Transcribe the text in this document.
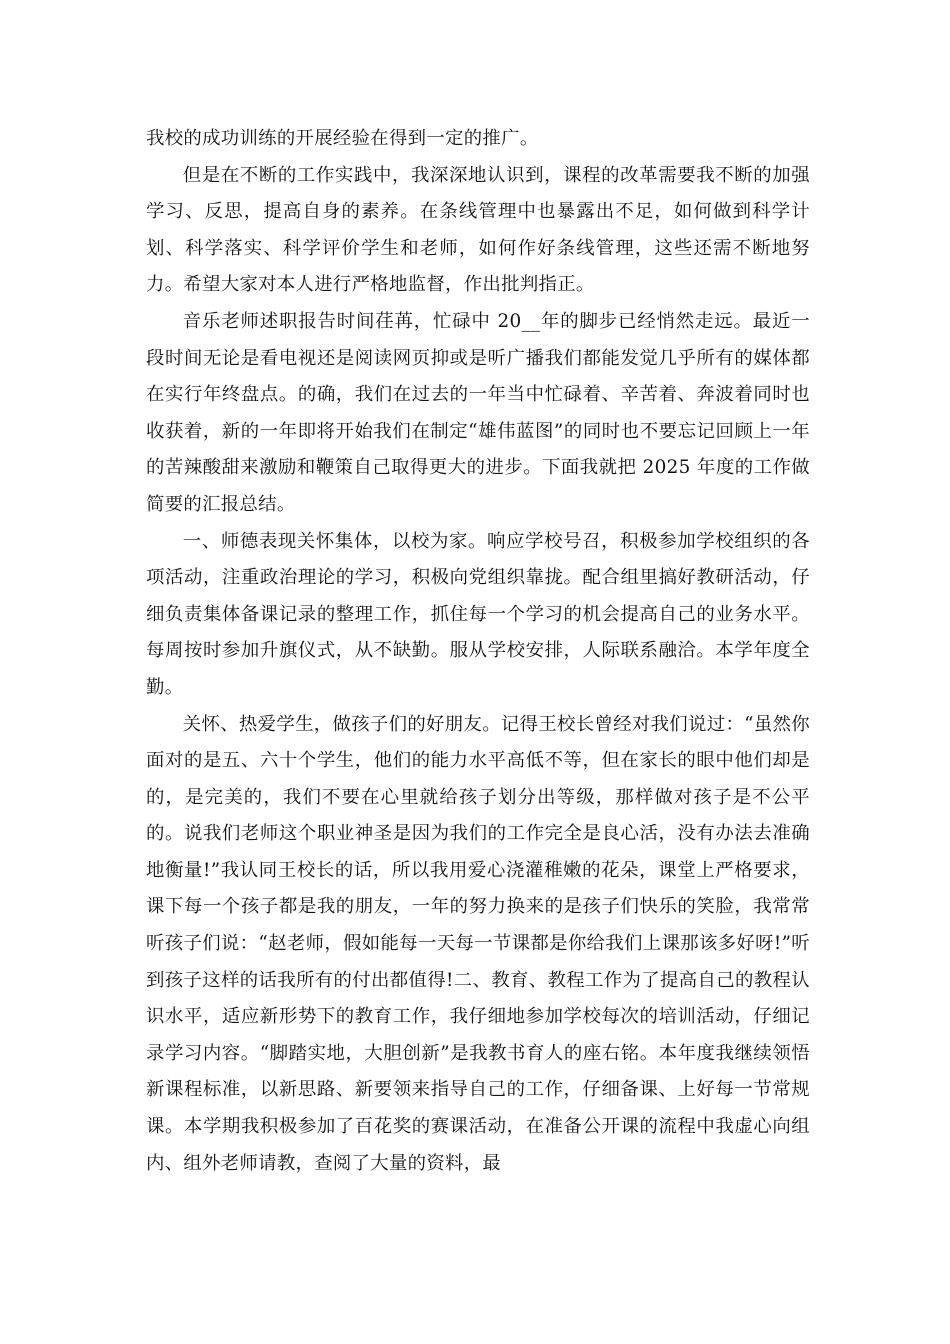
我校的成功训练的开展经验在得到一定的推广。

但是在不断的工作实践中，我深深地认识到，课程的改革需要我不断的加强学习、反思，提高自身的素养。在条线管理中也暴露出不足，如何做到科学计划、科学落实、科学评价学生和老师，如何作好条线管理，这些还需不断地努力。希望大家对本人进行严格地监督，作出批判指正。

音乐老师述职报告时间荏苒，忙碌中 20__年的脚步已经悄然走远。最近一段时间无论是看电视还是阅读网页抑或是听广播我们都能发觉几乎所有的媒体都在实行年终盘点。的确，我们在过去的一年当中忙碌着、辛苦着、奔波着同时也收获着，新的一年即将开始我们在制定“雄伟蓝图”的同时也不要忘记回顾上一年的苦辣酸甜来激励和鞭策自己取得更大的进步。下面我就把 2025 年度的工作做简要的汇报总结。

一、师德表现关怀集体，以校为家。响应学校号召，积极参加学校组织的各项活动，注重政治理论的学习，积极向党组织靠拢。配合组里搞好教研活动，仔细负责集体备课记录的整理工作，抓住每一个学习的机会提高自己的业务水平。每周按时参加升旗仪式，从不缺勤。服从学校安排，人际联系融洽。本学年度全勤。

关怀、热爱学生，做孩子们的好朋友。记得王校长曾经对我们说过：“虽然你面对的是五、六十个学生，他们的能力水平高低不等，但在家长的眼中他们却是的，是完美的，我们不要在心里就给孩子划分出等级，那样做对孩子是不公平的。说我们老师这个职业神圣是因为我们的工作完全是良心活，没有办法去准确地衡量!”我认同王校长的话，所以我用爱心浇灌稚嫩的花朵，课堂上严格要求，课下每一个孩子都是我的朋友，一年的努力换来的是孩子们快乐的笑脸，我常常听孩子们说：“赵老师，假如能每一天每一节课都是你给我们上课那该多好呀!”听到孩子这样的话我所有的付出都值得!二、教育、教程工作为了提高自己的教程认识水平，适应新形势下的教育工作，我仔细地参加学校每次的培训活动，仔细记录学习内容。“脚踏实地，大胆创新”是我教书育人的座右铭。本年度我继续领悟新课程标准，以新思路、新要领来指导自己的工作，仔细备课、上好每一节常规课。本学期我积极参加了百花奖的赛课活动，在准备公开课的流程中我虚心向组内、组外老师请教，查阅了大量的资料，最
